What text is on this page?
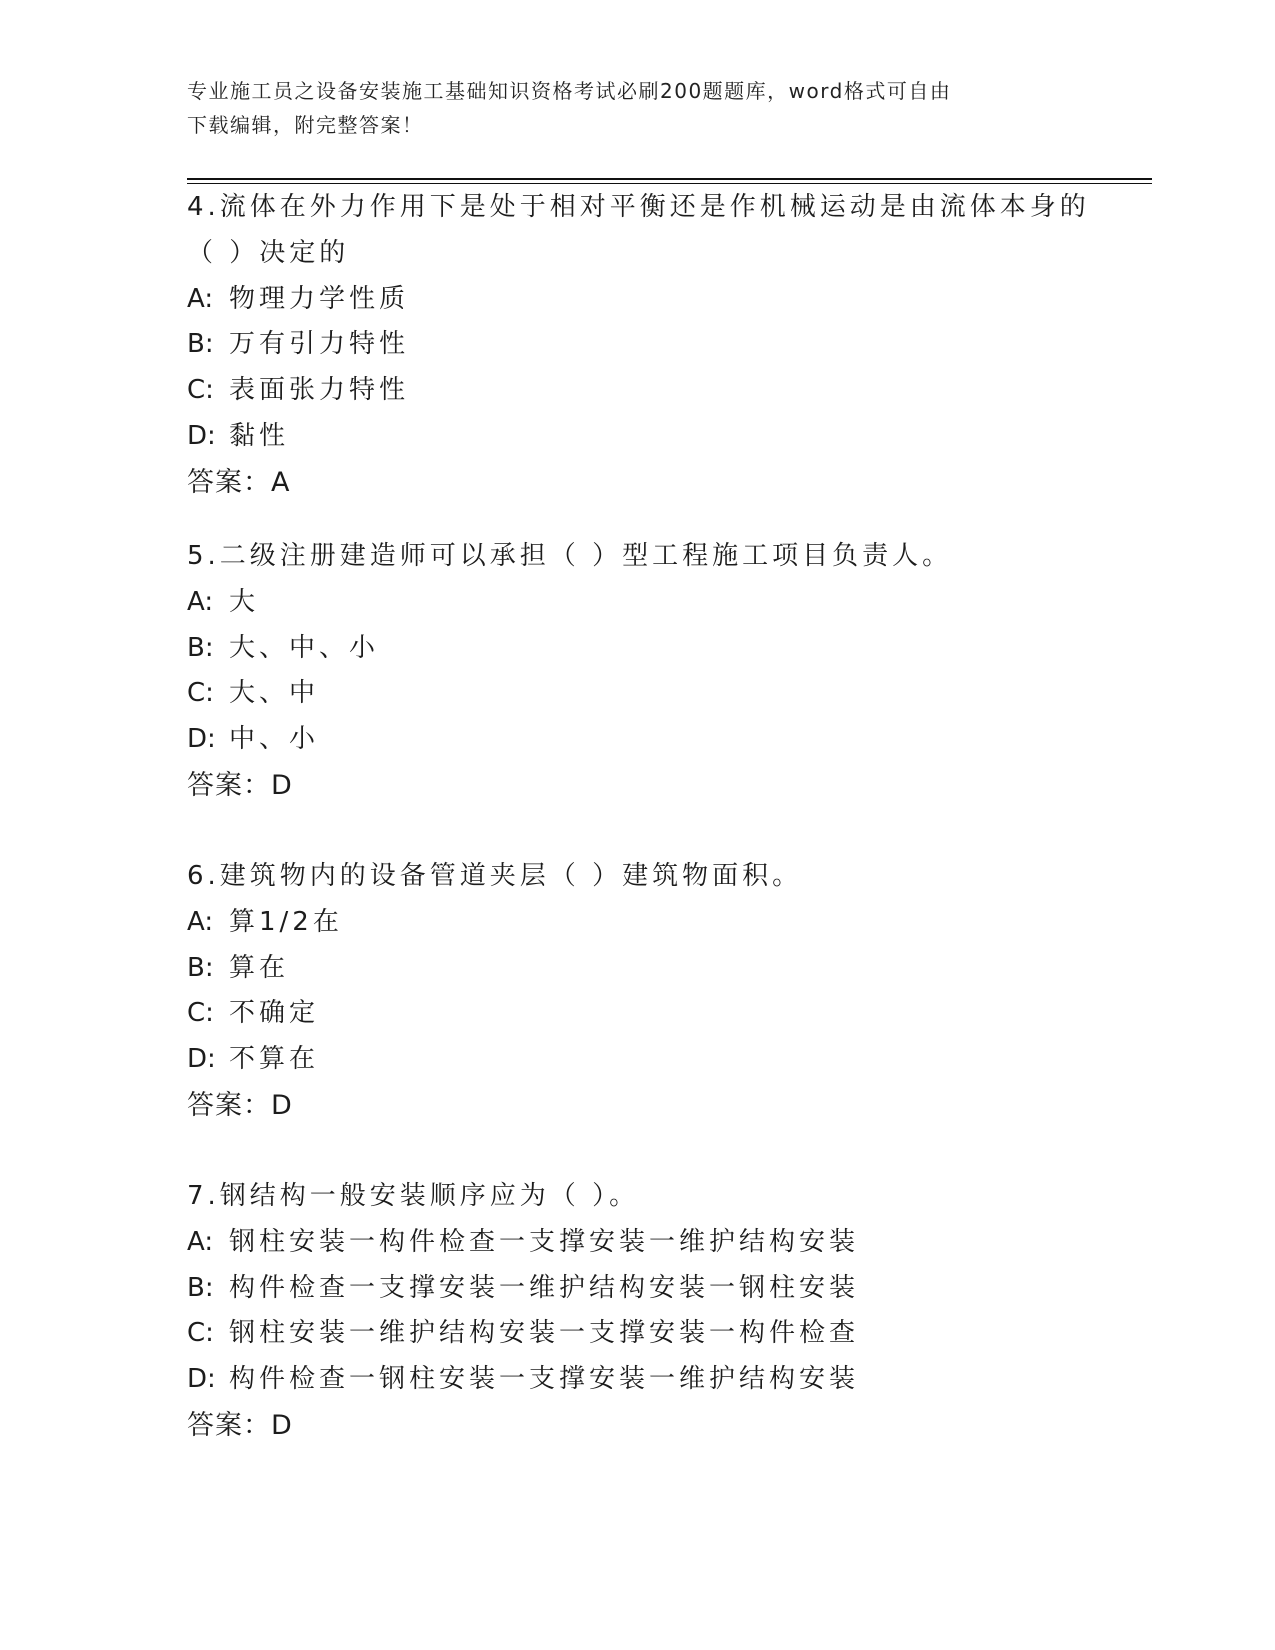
专业施工员之设备安装施工基础知识资格考试必刷200题题库，word格式可自由
下载编辑，附完整答案！
4.流体在外力作用下是处于相对平衡还是作机械运动是由流体本身的
（ ）决定的
A: 物理力学性质
B: 万有引力特性
C: 表面张力特性
D: 黏性
答案：A
5.二级注册建造师可以承担（ ）型工程施工项目负责人。
A: 大
B: 大、中、小
C: 大、中
D: 中、小
答案：D
6.建筑物内的设备管道夹层（ ）建筑物面积。
A: 算1/2在
B: 算在
C: 不确定
D: 不算在
答案：D
7.钢结构一般安装顺序应为（ ）。
A: 钢柱安装一构件检查一支撑安装一维护结构安装
B: 构件检查一支撑安装一维护结构安装一钢柱安装
C: 钢柱安装一维护结构安装一支撑安装一构件检查
D: 构件检查一钢柱安装一支撑安装一维护结构安装
答案：D
